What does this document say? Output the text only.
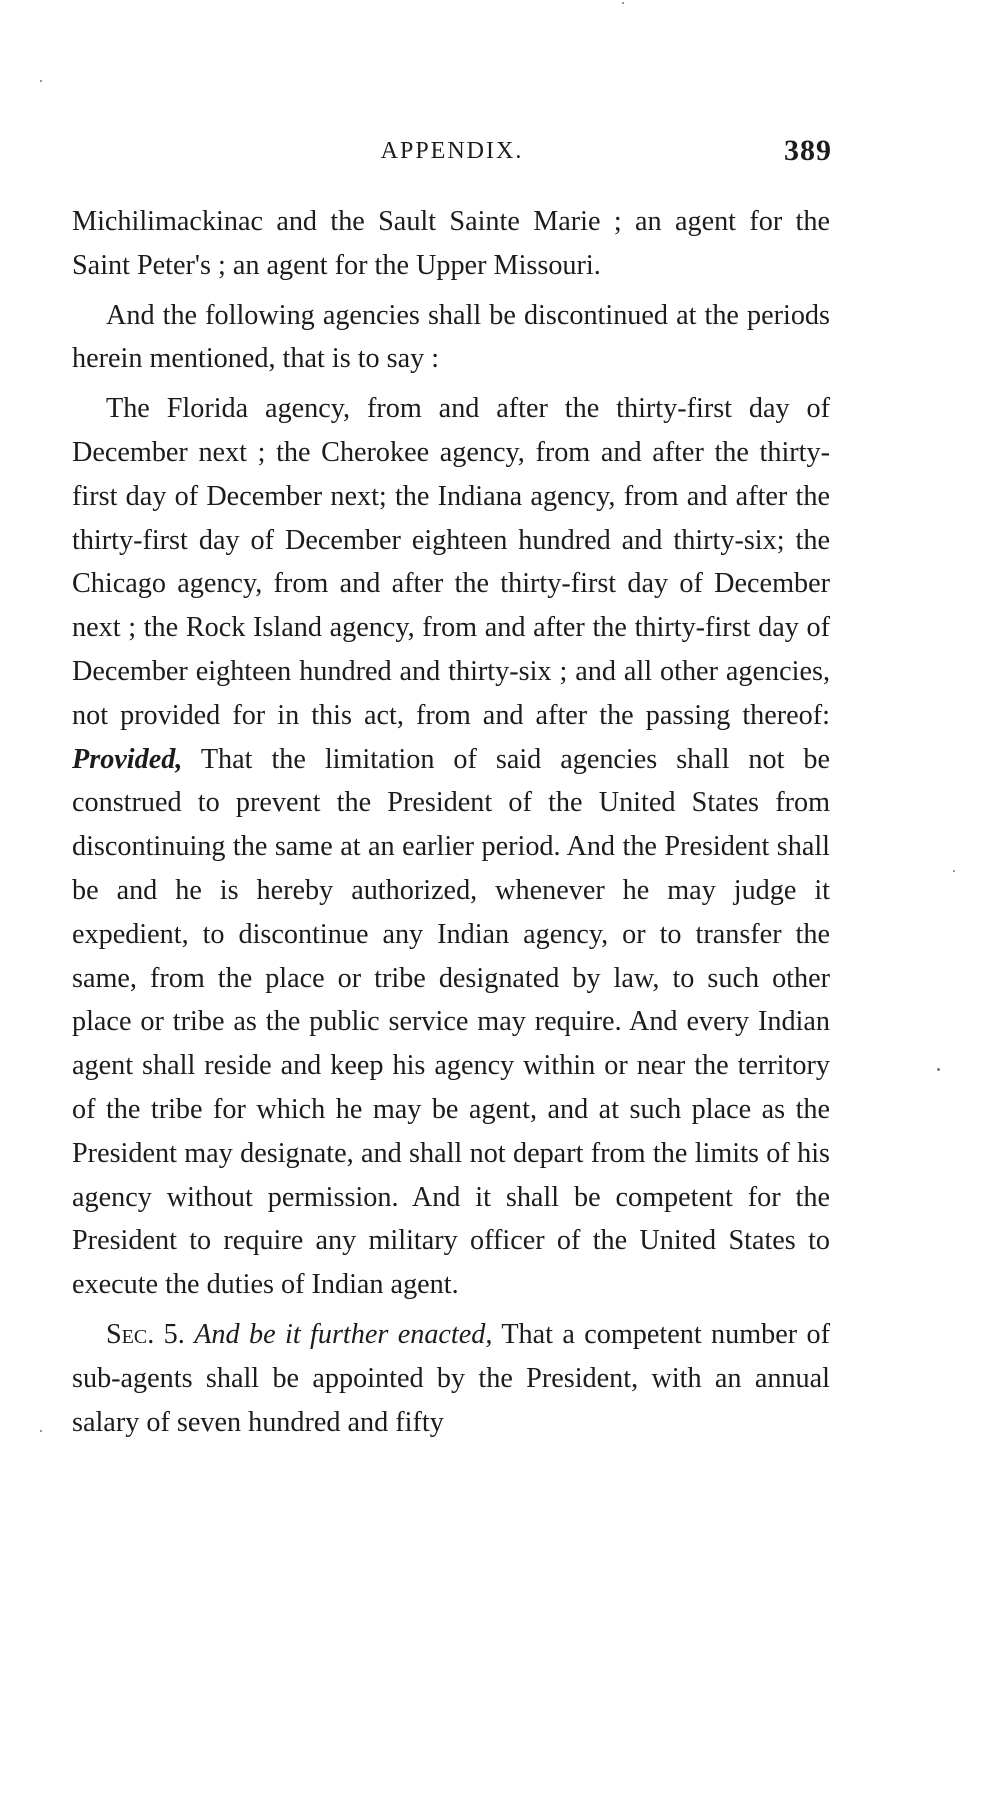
APPENDIX.	389

Michilimackinac and the Sault Sainte Marie ; an agent for the Saint Peter's ; an agent for the Upper Missouri.

And the following agencies shall be discontinued at the periods herein mentioned, that is to say :

The Florida agency, from and after the thirty-first day of December next ; the Cherokee agency, from and after the thirty-first day of December next; the Indiana agency, from and after the thirty-first day of December eighteen hundred and thirty-six; the Chicago agency, from and after the thirty-first day of December next ; the Rock Island agency, from and after the thirty-first day of December eighteen hundred and thirty-six ; and all other agencies, not provided for in this act, from and after the passing thereof: Provided, That the limitation of said agencies shall not be construed to prevent the President of the United States from discontinuing the same at an earlier period. And the President shall be and he is hereby authorized, whenever he may judge it expedient, to discontinue any Indian agency, or to transfer the same, from the place or tribe designated by law, to such other place or tribe as the public service may require. And every Indian agent shall reside and keep his agency within or near the territory of the tribe for which he may be agent, and at such place as the President may designate, and shall not depart from the limits of his agency without permission. And it shall be competent for the President to require any military officer of the United States to execute the duties of Indian agent.

Sec. 5. And be it further enacted, That a competent number of sub-agents shall be appointed by the President, with an annual salary of seven hundred and fifty
